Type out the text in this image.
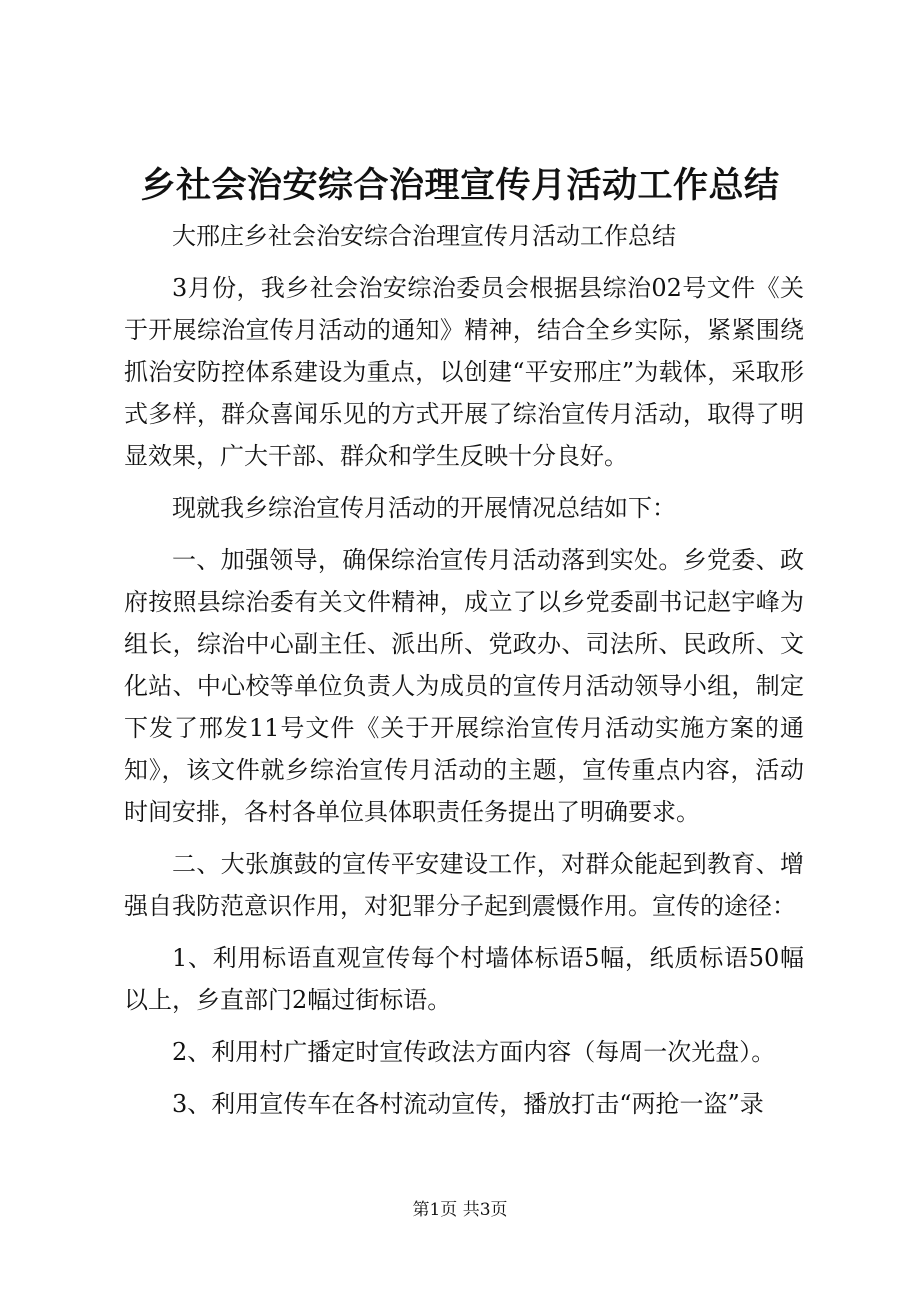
乡社会治安综合治理宣传月活动工作总结

大邢庄乡社会治安综合治理宣传月活动工作总结

3月份，我乡社会治安综治委员会根据县综治02号文件《关于开展综治宣传月活动的通知》精神，结合全乡实际，紧紧围绕抓治安防控体系建设为重点，以创建“平安邢庄”为载体，采取形式多样，群众喜闻乐见的方式开展了综治宣传月活动，取得了明显效果，广大干部、群众和学生反映十分良好。

现就我乡综治宣传月活动的开展情况总结如下：

一、加强领导，确保综治宣传月活动落到实处。乡党委、政府按照县综治委有关文件精神，成立了以乡党委副书记赵宇峰为组长，综治中心副主任、派出所、党政办、司法所、民政所、文化站、中心校等单位负责人为成员的宣传月活动领导小组，制定下发了邢发11号文件《关于开展综治宣传月活动实施方案的通知》，该文件就乡综治宣传月活动的主题，宣传重点内容，活动时间安排，各村各单位具体职责任务提出了明确要求。

二、大张旗鼓的宣传平安建设工作，对群众能起到教育、增强自我防范意识作用，对犯罪分子起到震慑作用。宣传的途径：

1、利用标语直观宣传每个村墙体标语5幅，纸质标语50幅以上，乡直部门2幅过街标语。

2、利用村广播定时宣传政法方面内容（每周一次光盘）。

3、利用宣传车在各村流动宣传，播放打击“两抢一盗”录

第1页 共3页
